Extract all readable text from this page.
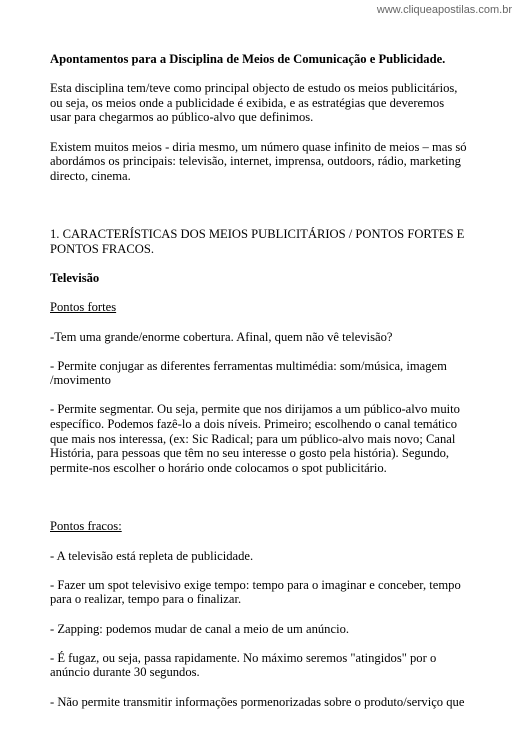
www.cliqueapostilas.com.br

Apontamentos para a Disciplina de Meios de Comunicação e Publicidade.

Esta disciplina tem/teve como principal objecto de estudo os meios publicitários, ou seja, os meios onde a publicidade é exibida, e as estratégias que deveremos usar para chegarmos ao público-alvo que definimos.

Existem muitos meios - diria mesmo, um número quase infinito de meios – mas só abordámos os principais: televisão, internet, imprensa, outdoors, rádio, marketing directo, cinema.

1. CARACTERÍSTICAS DOS MEIOS PUBLICITÁRIOS / PONTOS FORTES E PONTOS FRACOS.

Televisão

Pontos fortes

-Tem uma grande/enorme cobertura. Afinal, quem não vê televisão?

- Permite conjugar as diferentes ferramentas multimédia: som/música, imagem /movimento

- Permite segmentar. Ou seja, permite que nos dirijamos a um público-alvo muito específico. Podemos fazê-lo a dois níveis. Primeiro; escolhendo o canal temático que mais nos interessa, (ex: Sic Radical; para um público-alvo mais novo; Canal História, para pessoas que têm no seu interesse o gosto pela história). Segundo, permite-nos escolher o horário onde colocamos o spot publicitário.

Pontos fracos:

- A televisão está repleta de publicidade.

- Fazer um spot televisivo exige tempo: tempo para o imaginar e conceber, tempo para o realizar, tempo para o finalizar.

- Zapping: podemos mudar de canal a meio de um anúncio.

- É fugaz, ou seja, passa rapidamente. No máximo seremos "atingidos" por o anúncio durante 30 segundos.

- Não permite transmitir informações pormenorizadas sobre o produto/serviço que
